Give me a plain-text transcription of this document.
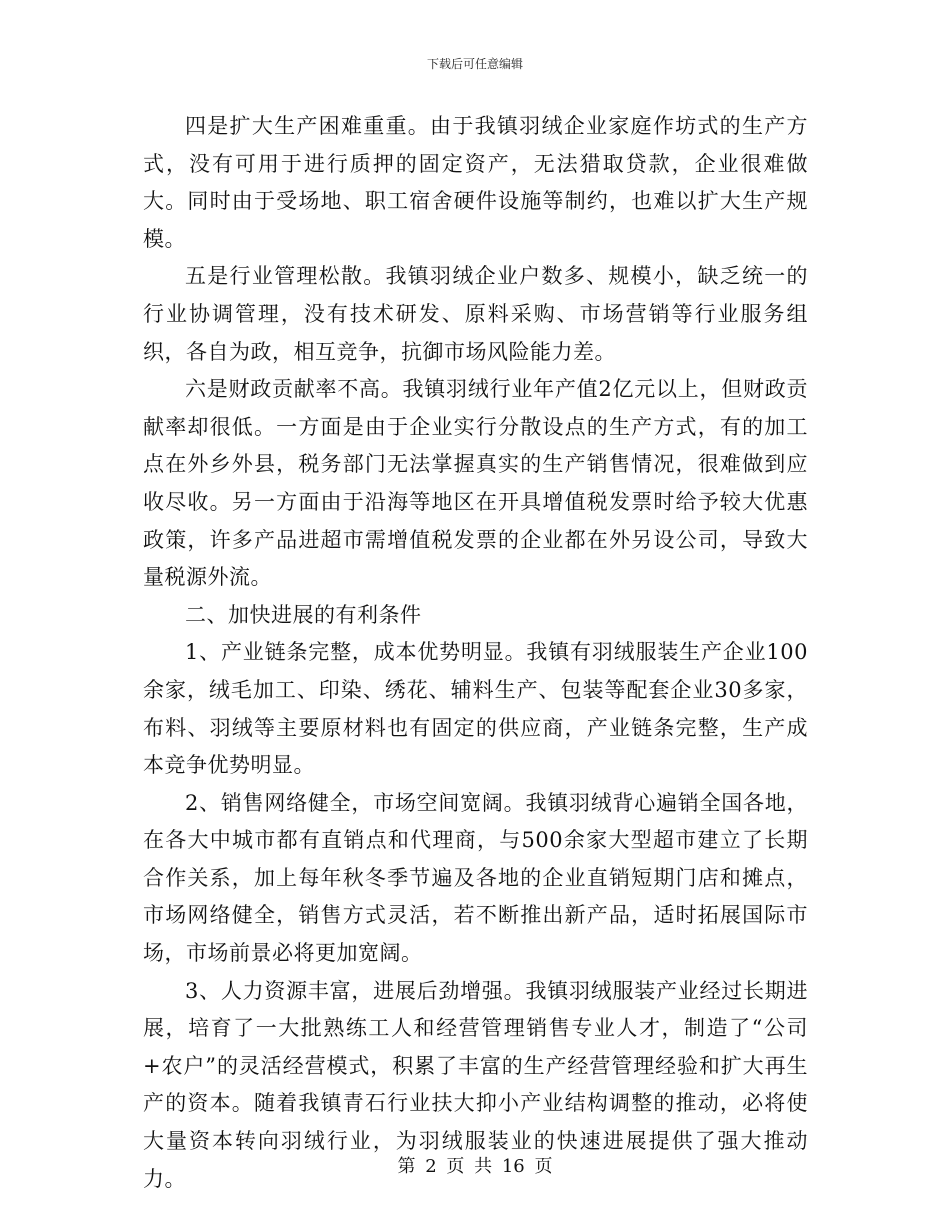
下载后可任意编辑

四是扩大生产困难重重。由于我镇羽绒企业家庭作坊式的生产方式，没有可用于进行质押的固定资产，无法猎取贷款，企业很难做大。同时由于受场地、职工宿舍硬件设施等制约，也难以扩大生产规模。

五是行业管理松散。我镇羽绒企业户数多、规模小，缺乏统一的行业协调管理，没有技术研发、原料采购、市场营销等行业服务组织，各自为政，相互竞争，抗御市场风险能力差。

六是财政贡献率不高。我镇羽绒行业年产值2亿元以上，但财政贡献率却很低。一方面是由于企业实行分散设点的生产方式，有的加工点在外乡外县，税务部门无法掌握真实的生产销售情况，很难做到应收尽收。另一方面由于沿海等地区在开具增值税发票时给予较大优惠政策，许多产品进超市需增值税发票的企业都在外另设公司，导致大量税源外流。

二、加快进展的有利条件

1、产业链条完整，成本优势明显。我镇有羽绒服装生产企业100余家，绒毛加工、印染、绣花、辅料生产、包装等配套企业30多家，布料、羽绒等主要原材料也有固定的供应商，产业链条完整，生产成本竞争优势明显。

2、销售网络健全，市场空间宽阔。我镇羽绒背心遍销全国各地，在各大中城市都有直销点和代理商，与500余家大型超市建立了长期合作关系，加上每年秋冬季节遍及各地的企业直销短期门店和摊点，市场网络健全，销售方式灵活，若不断推出新产品，适时拓展国际市场，市场前景必将更加宽阔。

3、人力资源丰富，进展后劲增强。我镇羽绒服装产业经过长期进展，培育了一大批熟练工人和经营管理销售专业人才，制造了“公司+农户”的灵活经营模式，积累了丰富的生产经营管理经验和扩大再生产的资本。随着我镇青石行业扶大抑小产业结构调整的推动，必将使大量资本转向羽绒行业，为羽绒服装业的快速进展提供了强大推动力。

第 2 页 共 16 页
